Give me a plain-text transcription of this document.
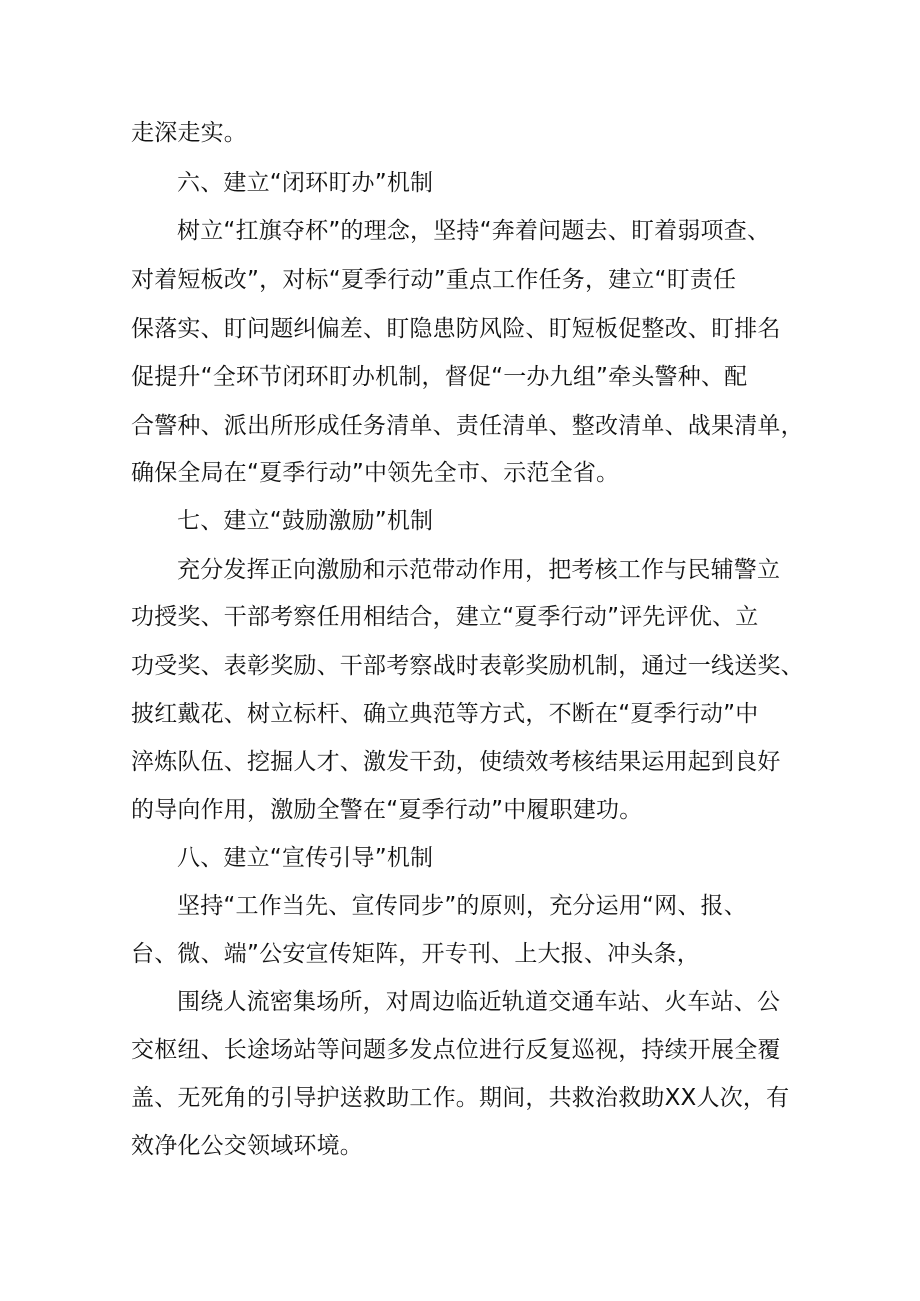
走深走实。

六、建立“闭环盯办”机制

树立“扛旗夺杯”的理念，坚持“奔着问题去、盯着弱项查、

对着短板改”，对标“夏季行动”重点工作任务，建立“盯责任

保落实、盯问题纠偏差、盯隐患防风险、盯短板促整改、盯排名

促提升“全环节闭环盯办机制，督促“一办九组”牵头警种、配

合警种、派出所形成任务清单、责任清单、整改清单、战果清单，

确保全局在“夏季行动”中领先全市、示范全省。

七、建立“鼓励激励”机制

充分发挥正向激励和示范带动作用，把考核工作与民辅警立

功授奖、干部考察任用相结合，建立“夏季行动”评先评优、立

功受奖、表彰奖励、干部考察战时表彰奖励机制，通过一线送奖、

披红戴花、树立标杆、确立典范等方式，不断在“夏季行动”中

淬炼队伍、挖掘人才、激发干劲，使绩效考核结果运用起到良好

的导向作用，激励全警在“夏季行动”中履职建功。

八、建立“宣传引导”机制

坚持“工作当先、宣传同步”的原则，充分运用“网、报、

台、微、端”公安宣传矩阵，开专刊、上大报、冲头条，

围绕人流密集场所，对周边临近轨道交通车站、火车站、公

交枢纽、长途场站等问题多发点位进行反复巡视，持续开展全覆

盖、无死角的引导护送救助工作。期间，共救治救助XX人次，有

效净化公交领域环境。
